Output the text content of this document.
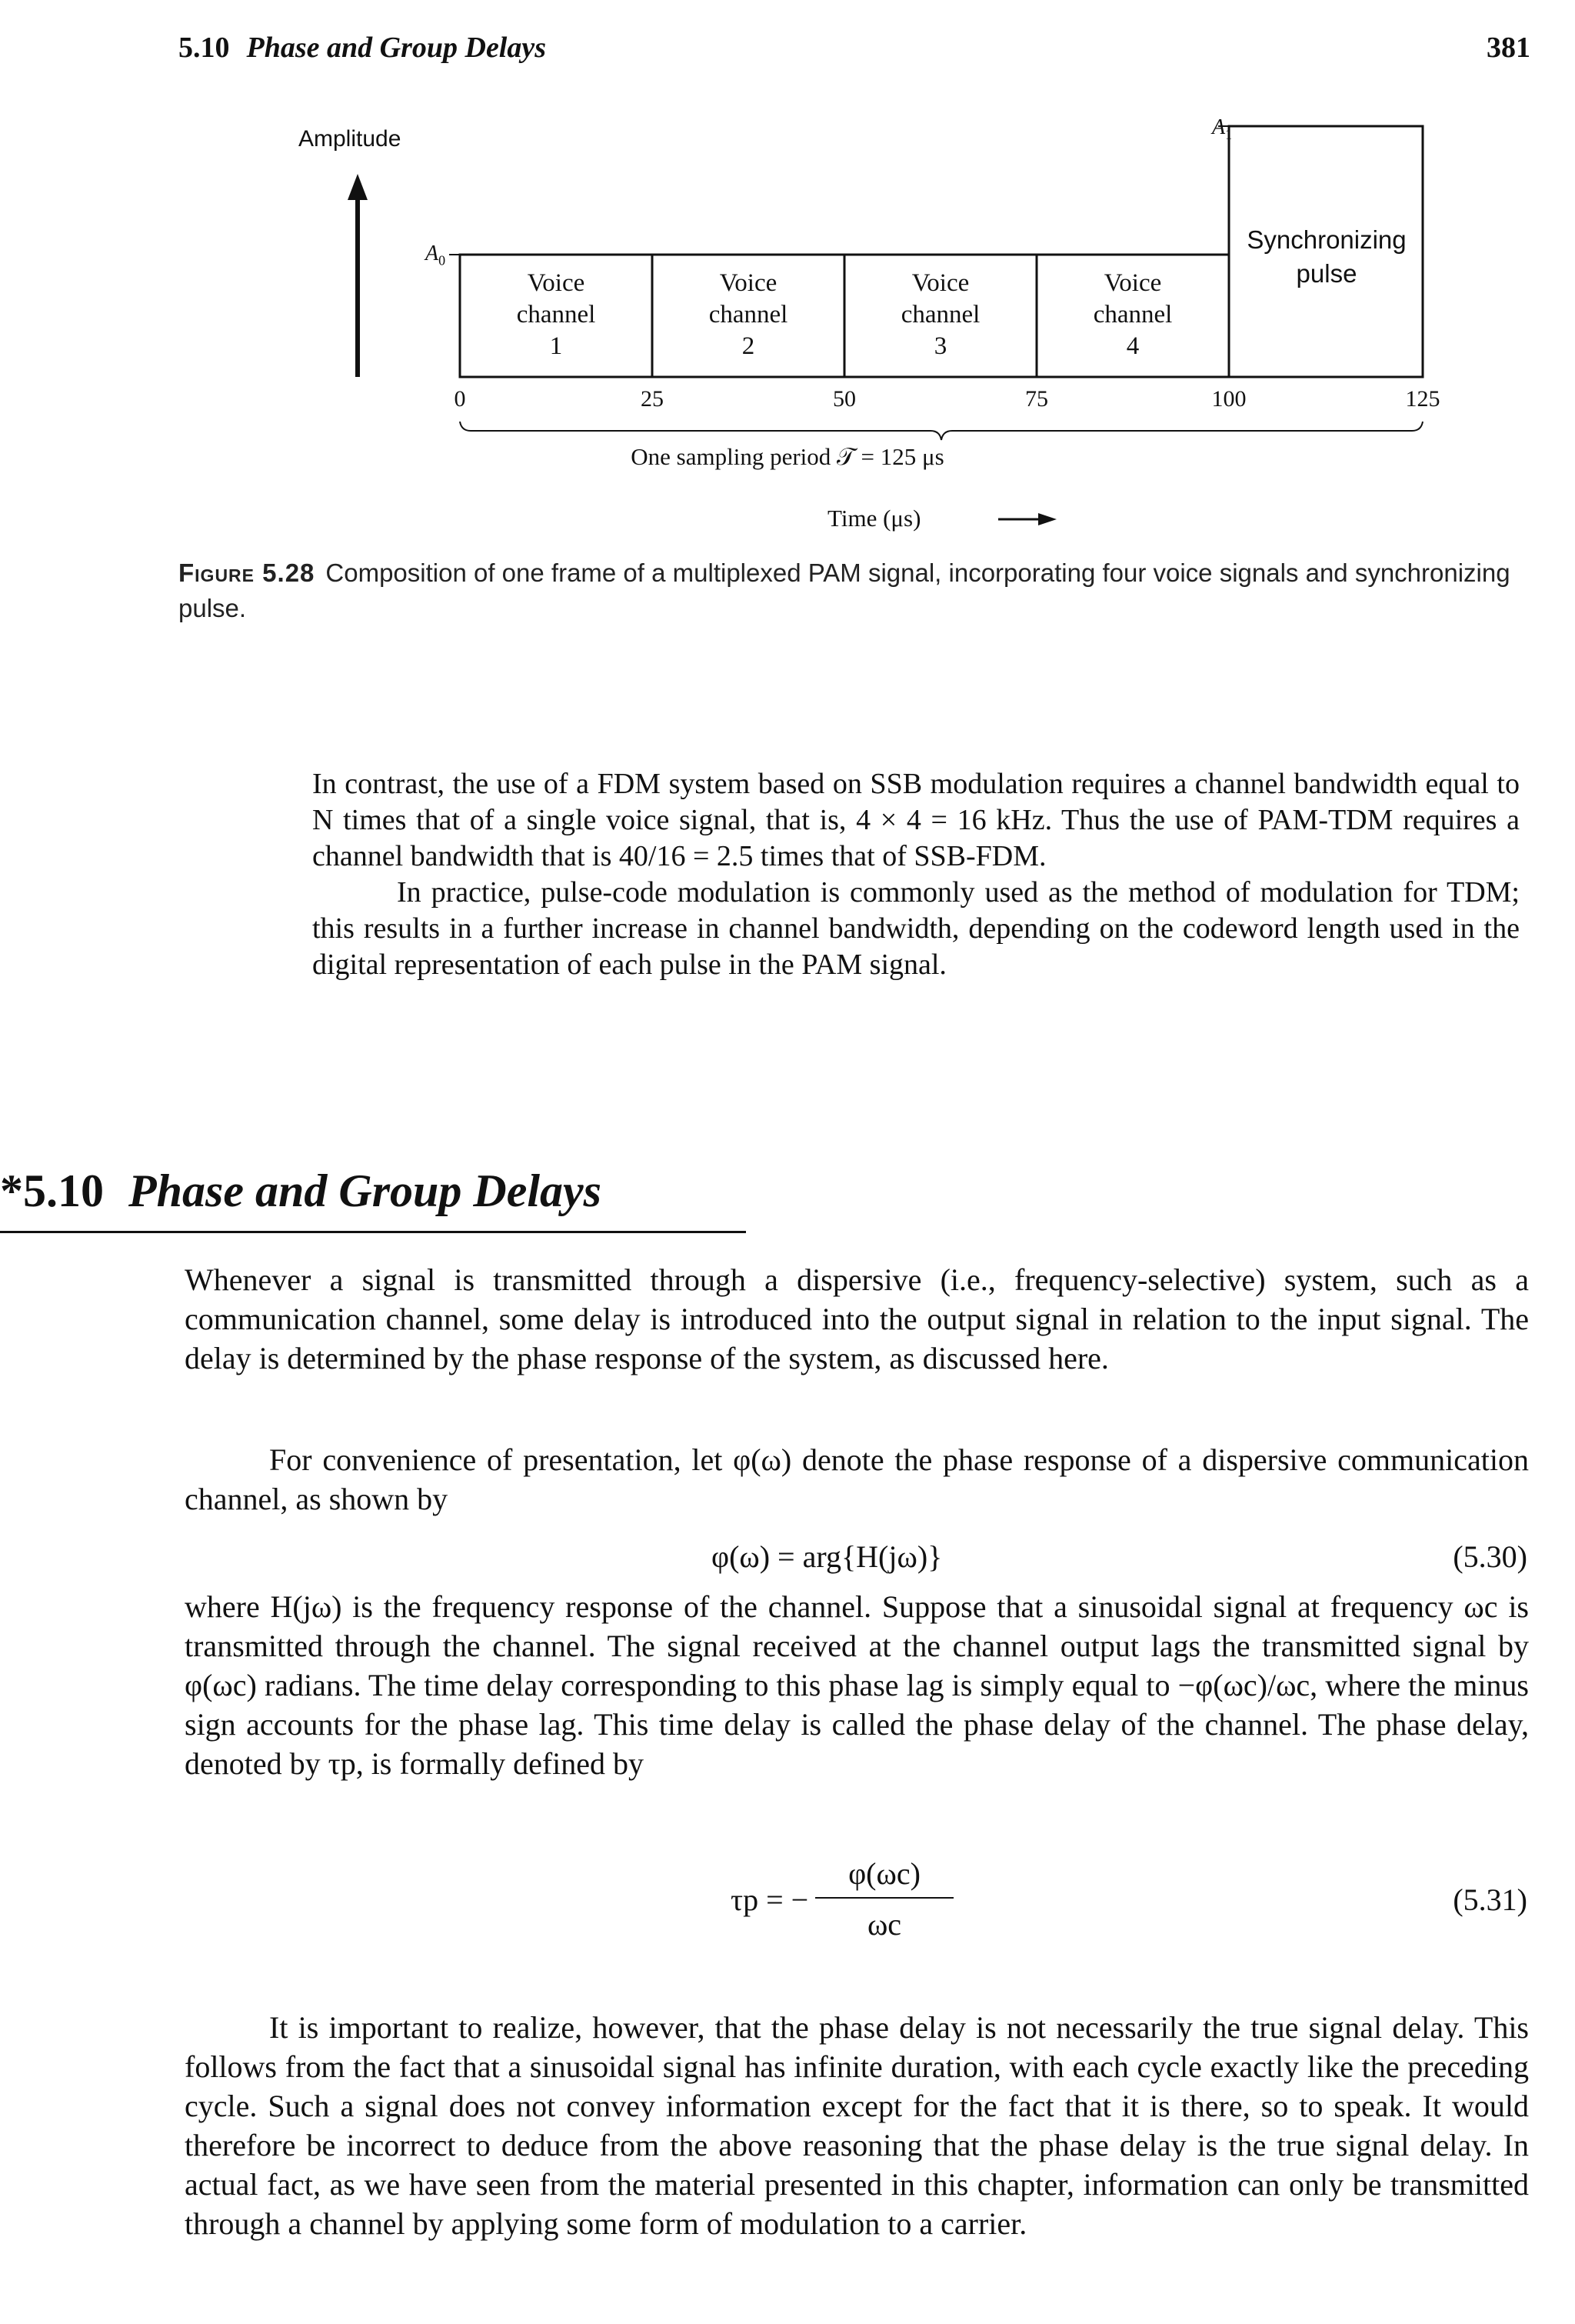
5.10 Phase and Group Delays	381
Amplitude
$A_0$
$A_1$
Voice
channel
1
Voice
channel
2
Voice
channel
3
Voice
channel
4
Synchronizing
pulse
0	25	50	75	100	125
One sampling period 𝒯 = 125 μs
Time (μs)
Figure 5.28 Composition of one frame of a multiplexed PAM signal, incorporating four voice signals and synchronizing pulse.
In contrast, the use of a FDM system based on SSB modulation requires a channel bandwidth equal to N times that of a single voice signal, that is, 4 × 4 = 16 kHz. Thus the use of PAM-TDM requires a channel bandwidth that is 40/16 = 2.5 times that of SSB-FDM.
In practice, pulse-code modulation is commonly used as the method of modulation for TDM; this results in a further increase in channel bandwidth, depending on the codeword length used in the digital representation of each pulse in the PAM signal.
*5.10 Phase and Group Delays
Whenever a signal is transmitted through a dispersive (i.e., frequency-selective) system, such as a communication channel, some delay is introduced into the output signal in relation to the input signal. The delay is determined by the phase response of the system, as discussed here.
For convenience of presentation, let φ(ω) denote the phase response of a dispersive communication channel, as shown by
φ(ω) = arg{H(jω)}	(5.30)
where H(jω) is the frequency response of the channel. Suppose that a sinusoidal signal at frequency ωc is transmitted through the channel. The signal received at the channel output lags the transmitted signal by φ(ωc) radians. The time delay corresponding to this phase lag is simply equal to −φ(ωc)/ωc, where the minus sign accounts for the phase lag. This time delay is called the phase delay of the channel. The phase delay, denoted by τp, is formally defined by
τp = −
φ(ωc)
ωc
(5.31)
It is important to realize, however, that the phase delay is not necessarily the true signal delay. This follows from the fact that a sinusoidal signal has infinite duration, with each cycle exactly like the preceding cycle. Such a signal does not convey information except for the fact that it is there, so to speak. It would therefore be incorrect to deduce from the above reasoning that the phase delay is the true signal delay. In actual fact, as we have seen from the material presented in this chapter, information can only be transmitted through a channel by applying some form of modulation to a carrier.
